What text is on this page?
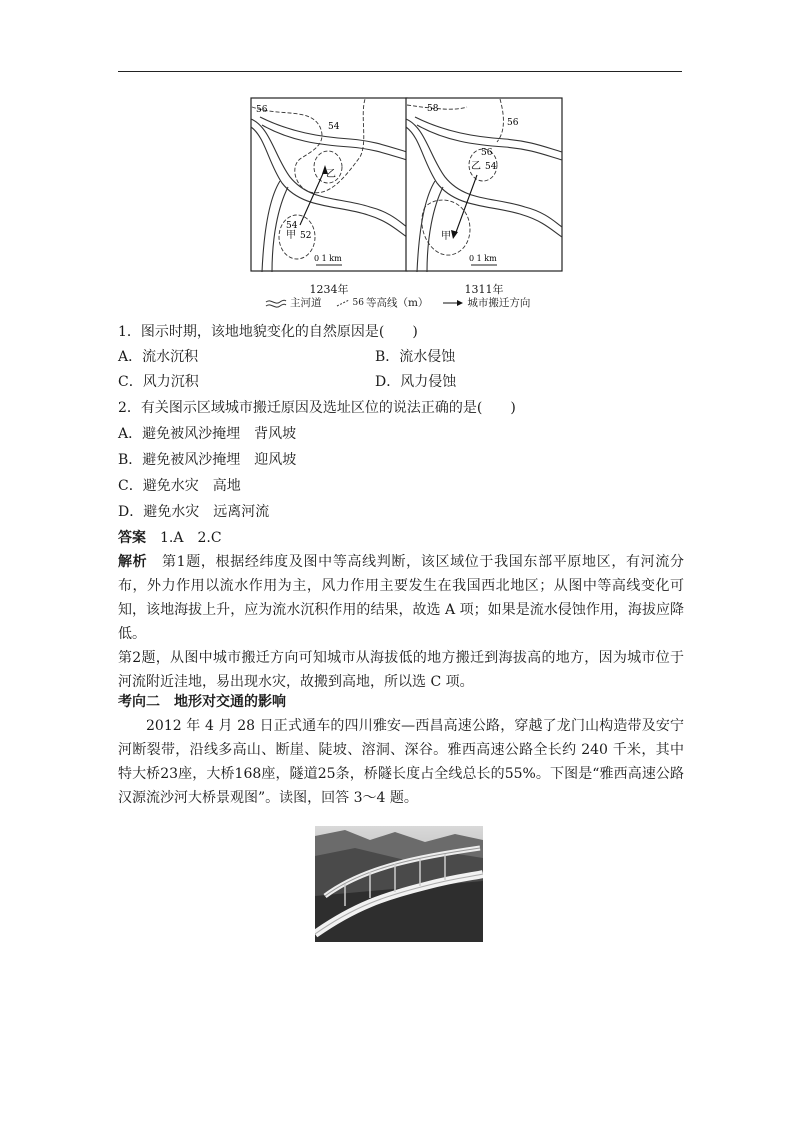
56
54
54
52
乙
甲
0 1 km
58
56
56
54
乙
甲
0 1 km
1234年	1311年
主河道	56 等高线（m）	城市搬迁方向
1．图示时期，该地地貌变化的自然原因是(　　)
A．流水沉积	B．流水侵蚀
C．风力沉积	D．风力侵蚀
2．有关图示区域城市搬迁原因及选址区位的说法正确的是(　　)
A．避免被风沙掩埋　背风坡
B．避免被风沙掩埋　迎风坡
C．避免水灾　高地
D．避免水灾　远离河流
答案  1.A　2.C

解析  第1题，根据经纬度及图中等高线判断，该区域位于我国东部平原地区，有河流分布，外力作用以流水作用为主，风力作用主要发生在我国西北地区；从图中等高线变化可知，该地海拔上升，应为流水沉积作用的结果，故选 A 项；如果是流水侵蚀作用，海拔应降低。

第2题，从图中城市搬迁方向可知城市从海拔低的地方搬迁到海拔高的地方，因为城市位于河流附近洼地，易出现水灾，故搬到高地，所以选 C 项。

考向二　地形对交通的影响
2012 年 4 月 28 日正式通车的四川雅安—西昌高速公路，穿越了龙门山构造带及安宁河断裂带，沿线多高山、断崖、陡坡、溶洞、深谷。雅西高速公路全长约 240 千米，其中特大桥23座，大桥168座，隧道25条，桥隧长度占全线总长的55%。下图是“雅西高速公路汉源流沙河大桥景观图”。读图，回答 3～4 题。
